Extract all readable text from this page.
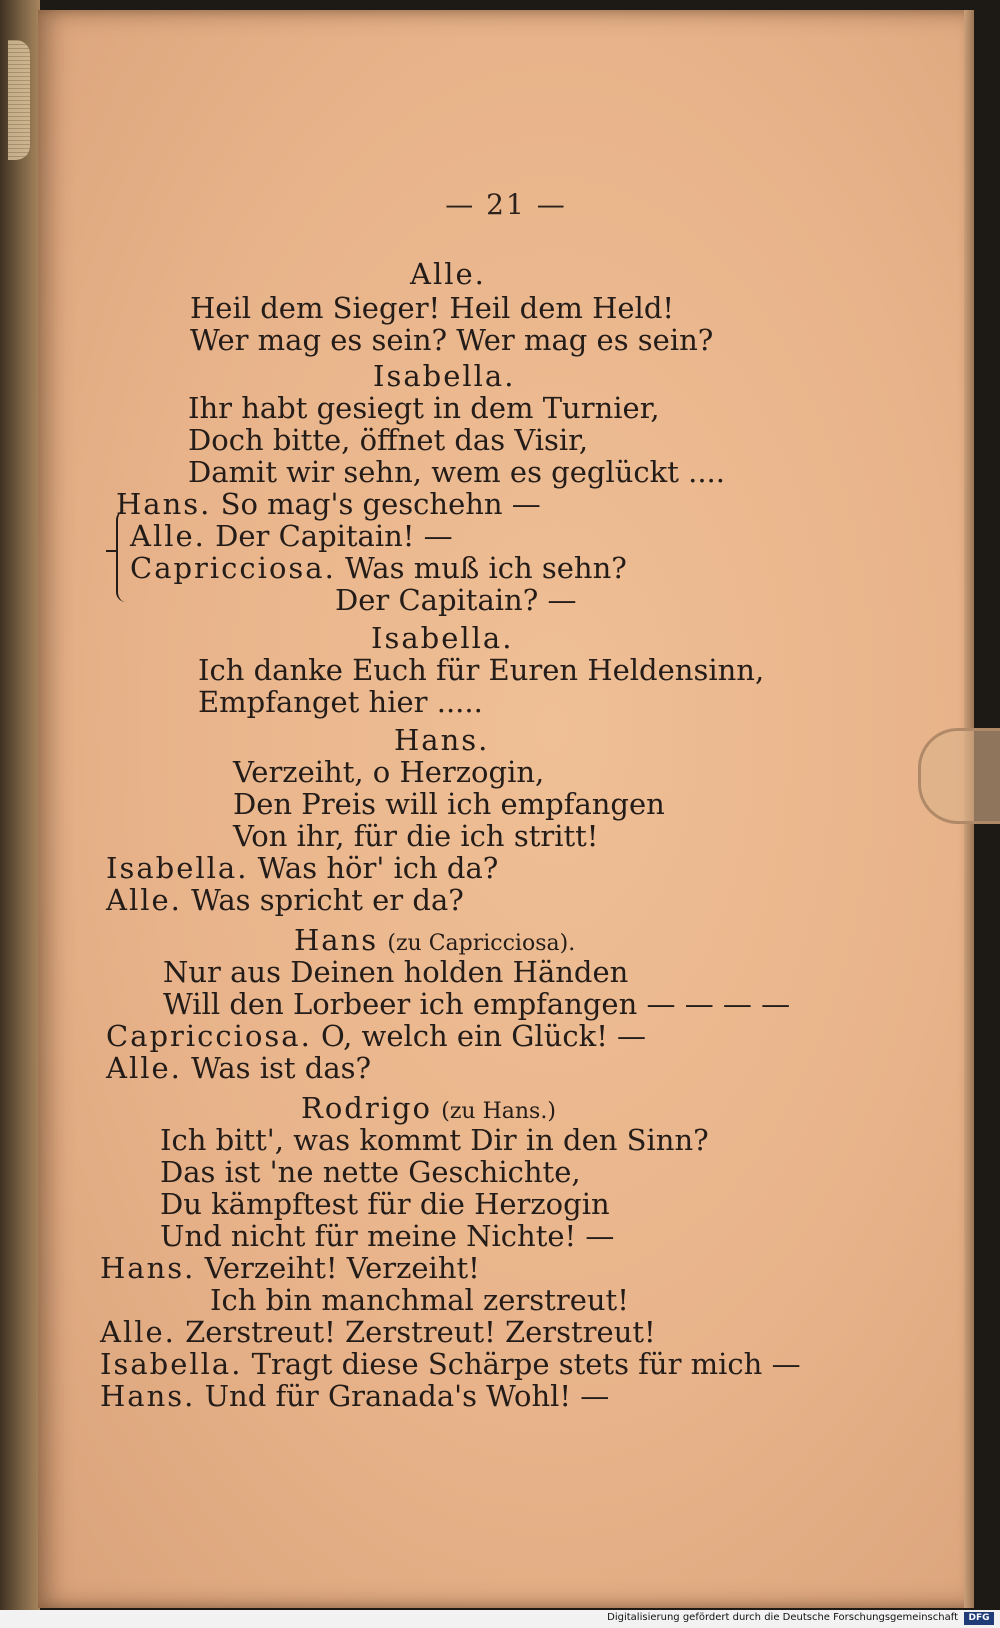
— 21 —
Alle.
Heil dem Sieger! Heil dem Held!
Wer mag es sein? Wer mag es sein?
Isabella.
Ihr habt gesiegt in dem Turnier,
Doch bitte, öffnet das Visir,
Damit wir sehn, wem es geglückt ....
Hans. So mag's geschehn —
Alle. Der Capitain! —
Capricciosa. Was muß ich sehn?
Der Capitain? —
Isabella.
Ich danke Euch für Euren Heldensinn,
Empfanget hier .....
Hans.
Verzeiht, o Herzogin,
Den Preis will ich empfangen
Von ihr, für die ich stritt!
Isabella. Was hör' ich da?
Alle. Was spricht er da?
Hans (zu Capricciosa).
Nur aus Deinen holden Händen
Will den Lorbeer ich empfangen — — — —
Capricciosa. O, welch ein Glück! —
Alle. Was ist das?
Rodrigo (zu Hans.)
Ich bitt', was kommt Dir in den Sinn?
Das ist 'ne nette Geschichte,
Du kämpftest für die Herzogin
Und nicht für meine Nichte! —
Hans. Verzeiht! Verzeiht!
Ich bin manchmal zerstreut!
Alle. Zerstreut! Zerstreut! Zerstreut!
Isabella. Tragt diese Schärpe stets für mich —
Hans. Und für Granada's Wohl! —
Digitalisierung gefördert durch die Deutsche Forschungsgemeinschaft	DFG
